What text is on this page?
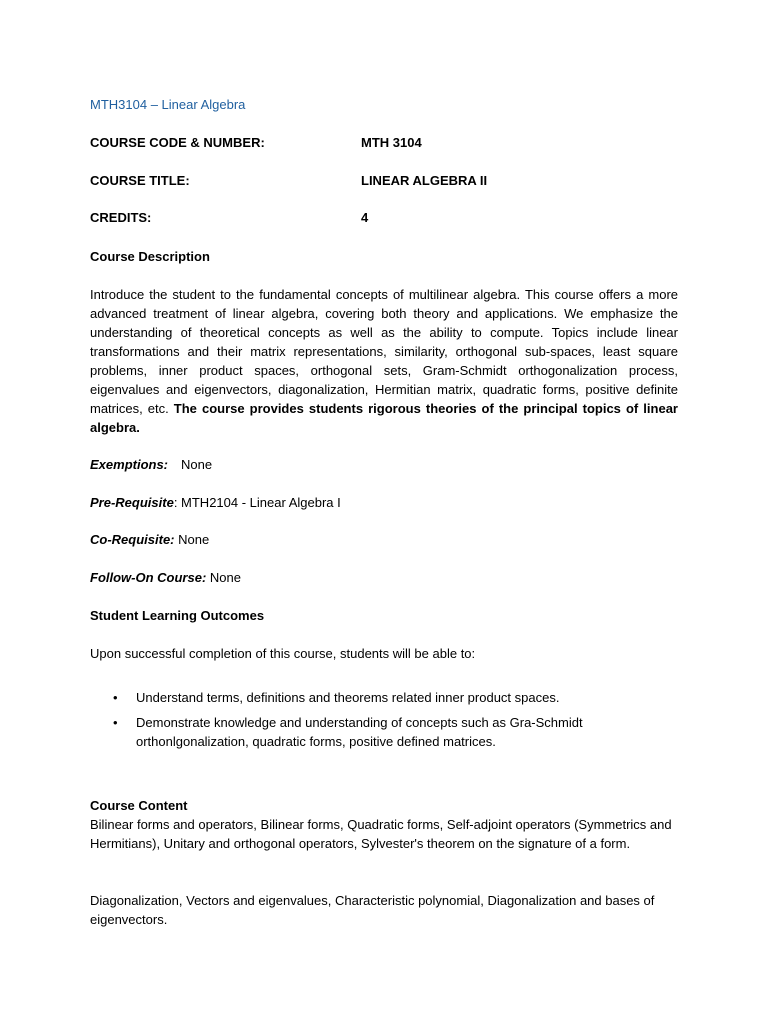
MTH3104 – Linear Algebra
COURSE CODE & NUMBER:	MTH 3104
COURSE TITLE:	LINEAR ALGEBRA II
CREDITS:	4
Course Description
Introduce the student to the fundamental concepts of multilinear algebra. This course offers a more advanced treatment of linear algebra, covering both theory and applications. We emphasize the understanding of theoretical concepts as well as the ability to compute. Topics include linear transformations and their matrix representations, similarity, orthogonal sub-spaces, least square problems, inner product spaces, orthogonal sets, Gram-Schmidt orthogonalization process, eigenvalues and eigenvectors, diagonalization, Hermitian matrix, quadratic forms, positive definite matrices, etc. The course provides students rigorous theories of the principal topics of linear algebra.
Exemptions: None
Pre-Requisite: MTH2104 - Linear Algebra I
Co-Requisite: None
Follow-On Course: None
Student Learning Outcomes
Upon successful completion of this course, students will be able to:
• Understand terms, definitions and theorems related inner product spaces.
• Demonstrate knowledge and understanding of concepts such as Gra-Schmidt orthonlgonalization, quadratic forms, positive defined matrices.
Course Content
Bilinear forms and operators, Bilinear forms, Quadratic forms, Self-adjoint operators (Symmetrics and Hermitians), Unitary and orthogonal operators, Sylvester's theorem on the signature of a form.
Diagonalization, Vectors and eigenvalues, Characteristic polynomial, Diagonalization and bases of eigenvectors.
